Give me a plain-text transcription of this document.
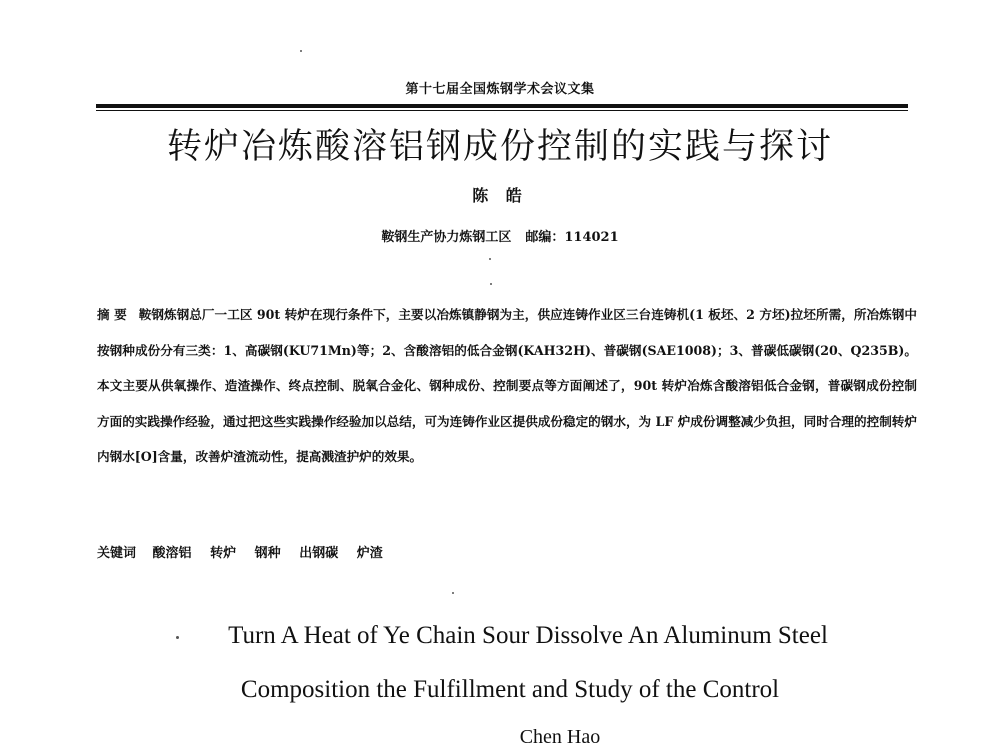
第十七届全国炼钢学术会议文集
转炉冶炼酸溶铝钢成份控制的实践与探讨
陈 皓
鞍钢生产协力炼钢工区 邮编：114021
摘 要 鞍钢炼钢总厂一工区 90t 转炉在现行条件下，主要以冶炼镇静钢为主，供应连铸作业区三台连铸机(1 板坯、2 方坯)拉坯所需，所冶炼钢中按钢种成份分有三类：1、高碳钢(KU71Mn)等；2、含酸溶铝的低合金钢(KAH32H)、普碳钢(SAE1008)；3、普碳低碳钢(20、Q235B)。本文主要从供氧操作、造渣操作、终点控制、脱氧合金化、钢种成份、控制要点等方面阐述了，90t 转炉冶炼含酸溶铝低合金钢，普碳钢成份控制方面的实践操作经验，通过把这些实践操作经验加以总结，可为连铸作业区提供成份稳定的钢水，为 LF 炉成份调整减少负担，同时合理的控制转炉内钢水[O]含量，改善炉渣流动性，提高溅渣护炉的效果。
关键词 酸溶铝 转炉 钢种 出钢碳 炉渣
Turn A Heat of Ye Chain Sour Dissolve An Aluminum Steel
Composition the Fulfillment and Study of the Control
Chen Hao
